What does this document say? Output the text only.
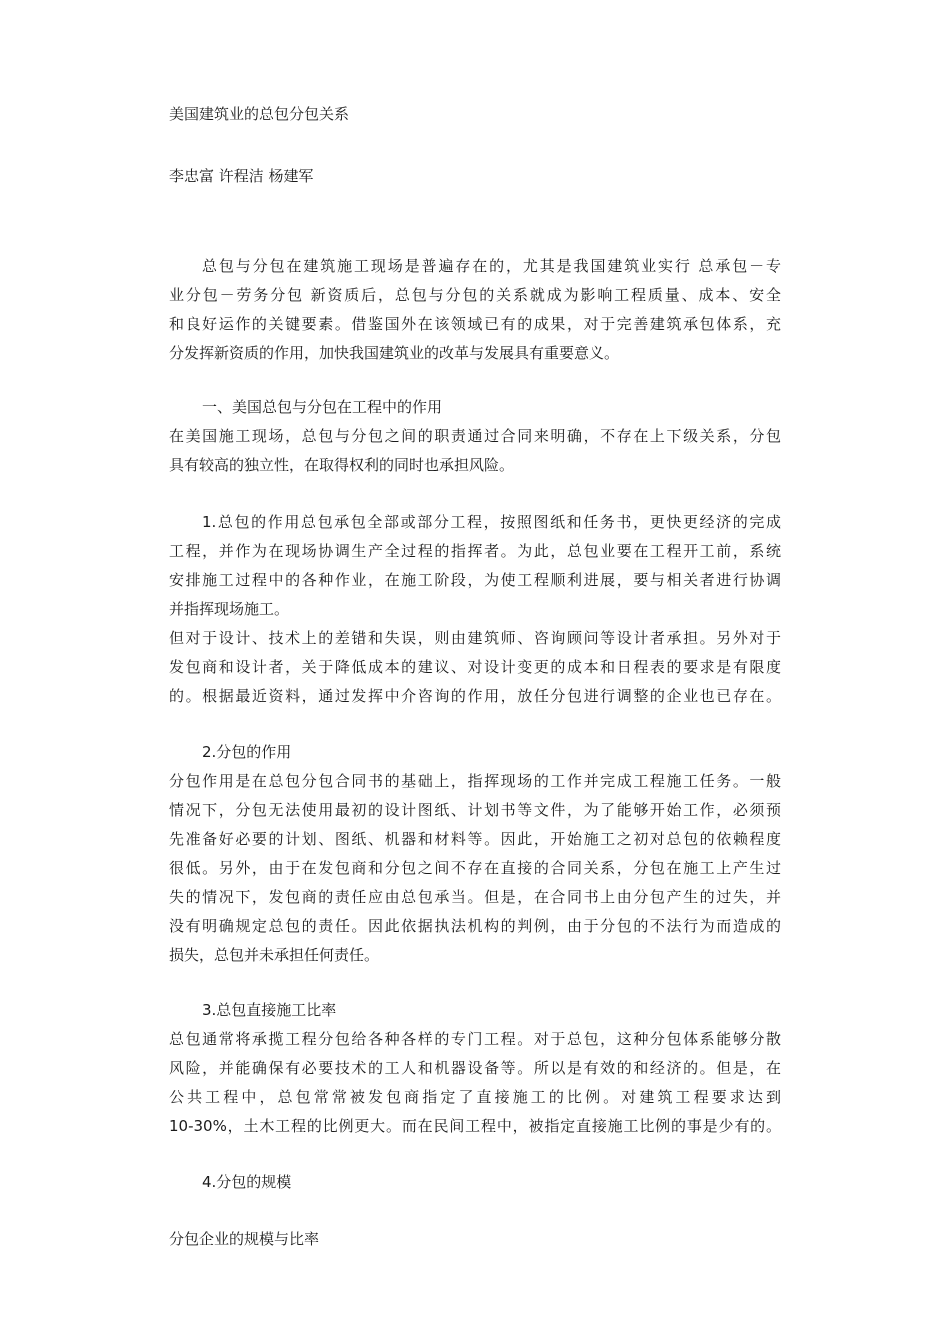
美国建筑业的总包分包关系
李忠富 许程洁 杨建军
总包与分包在建筑施工现场是普遍存在的，尤其是我国建筑业实行 总承包－专
业分包－劳务分包 新资质后，总包与分包的关系就成为影响工程质量、成本、安全
和良好运作的关键要素。借鉴国外在该领域已有的成果，对于完善建筑承包体系，充
分发挥新资质的作用，加快我国建筑业的改革与发展具有重要意义。
一、美国总包与分包在工程中的作用
在美国施工现场，总包与分包之间的职责通过合同来明确，不存在上下级关系，分包
具有较高的独立性，在取得权利的同时也承担风险。
1.总包的作用总包承包全部或部分工程，按照图纸和任务书，更快更经济的完成
工程，并作为在现场协调生产全过程的指挥者。为此，总包业要在工程开工前，系统
安排施工过程中的各种作业，在施工阶段，为使工程顺利进展，要与相关者进行协调
并指挥现场施工。
但对于设计、技术上的差错和失误，则由建筑师、咨询顾问等设计者承担。另外对于
发包商和设计者，关于降低成本的建议、对设计变更的成本和日程表的要求是有限度
的。根据最近资料，通过发挥中介咨询的作用，放任分包进行调整的企业也已存在。
2.分包的作用
分包作用是在总包分包合同书的基础上，指挥现场的工作并完成工程施工任务。一般
情况下，分包无法使用最初的设计图纸、计划书等文件，为了能够开始工作，必须预
先准备好必要的计划、图纸、机器和材料等。因此，开始施工之初对总包的依赖程度
很低。另外，由于在发包商和分包之间不存在直接的合同关系，分包在施工上产生过
失的情况下，发包商的责任应由总包承当。但是，在合同书上由分包产生的过失，并
没有明确规定总包的责任。因此依据执法机构的判例，由于分包的不法行为而造成的
损失，总包并未承担任何责任。
3.总包直接施工比率
总包通常将承揽工程分包给各种各样的专门工程。对于总包，这种分包体系能够分散
风险，并能确保有必要技术的工人和机器设备等。所以是有效的和经济的。但是，在
公共工程中，总包常常被发包商指定了直接施工的比例。对建筑工程要求达到
10-30%，土木工程的比例更大。而在民间工程中，被指定直接施工比例的事是少有的。
4.分包的规模
分包企业的规模与比率
